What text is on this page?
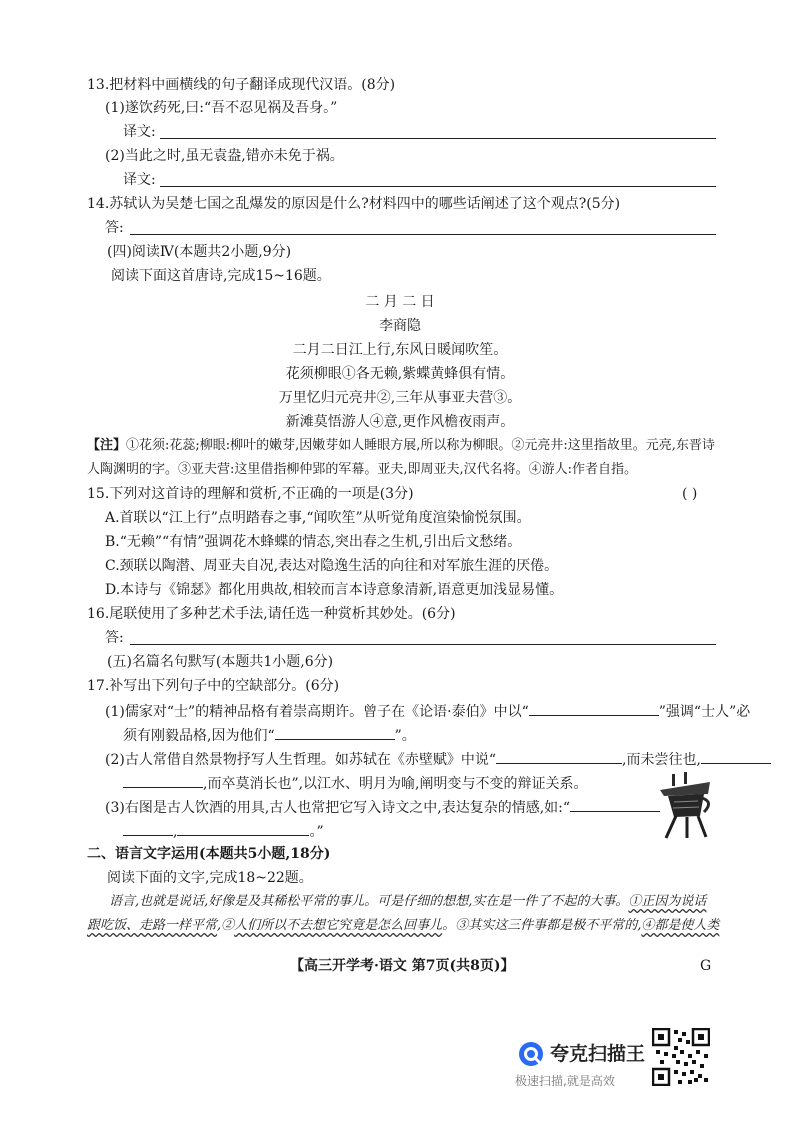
13.把材料中画横线的句子翻译成现代汉语。(8分)
(1)遂饮药死,曰:“吾不忍见祸及吾身。”
译文:
(2)当此之时,虽无袁盎,错亦未免于祸。
译文:
14.苏轼认为吴楚七国之乱爆发的原因是什么?材料四中的哪些话阐述了这个观点?(5分)
答:
(四)阅读Ⅳ(本题共2小题,9分)
阅读下面这首唐诗,完成15~16题。
二 月 二 日
李商隐
二月二日江上行,东风日暖闻吹笙。
花须柳眼①各无赖,紫蝶黄蜂俱有情。
万里忆归元亮井②,三年从事亚夫营③。
新滩莫悟游人④意,更作风檐夜雨声。
【注】①花须:花蕊;柳眼:柳叶的嫩芽,因嫩芽如人睡眼方展,所以称为柳眼。②元亮井:这里指故里。元亮,东晋诗
人陶渊明的字。③亚夫营:这里借指柳仲郢的军幕。亚夫,即周亚夫,汉代名将。④游人:作者自指。
15.下列对这首诗的理解和赏析,不正确的一项是(3分)	( )
A.首联以“江上行”点明踏春之事,“闻吹笙”从听觉角度渲染愉悦氛围。
B.“无赖”“有情”强调花木蜂蝶的情态,突出春之生机,引出后文愁绪。
C.颈联以陶潜、周亚夫自况,表达对隐逸生活的向往和对军旅生涯的厌倦。
D.本诗与《锦瑟》都化用典故,相较而言本诗意象清新,语意更加浅显易懂。
16.尾联使用了多种艺术手法,请任选一种赏析其妙处。(6分)
答:
(五)名篇名句默写(本题共1小题,6分)
17.补写出下列句子中的空缺部分。(6分)
(1)儒家对“士”的精神品格有着崇高期许。曾子在《论语·泰伯》中以“	”强调“士人”必
须有刚毅品格,因为他们“	”。
(2)古人常借自然景物抒写人生哲理。如苏轼在《赤壁赋》中说“	,而未尝往也,
,而卒莫消长也”,以江水、明月为喻,阐明变与不变的辩证关系。
(3)右图是古人饮酒的用具,古人也常把它写入诗文之中,表达复杂的情感,如:“
,	。”
二、语言文字运用(本题共5小题,18分)
阅读下面的文字,完成18~22题。
语言,也就是说话,好像是及其稀松平常的事儿。可是仔细的想想,实在是一件了不起的大事。①正因为说话
跟吃饭、走路一样平常,②人们所以不去想它究竟是怎么回事儿。③其实这三件事都是极不平常的,④都是使人类
【高三开学考·语文 第7页(共8页)】	G
夸克扫描王
极速扫描,就是高效
